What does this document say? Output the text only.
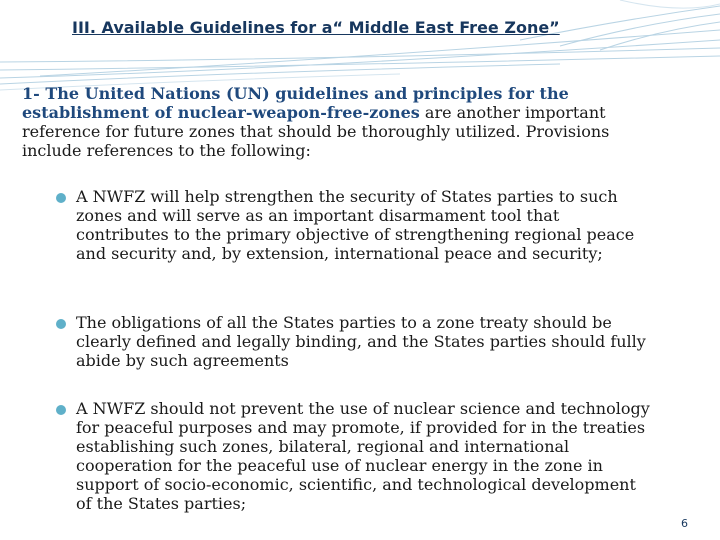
III. Available Guidelines for a“ Middle East Free Zone”
1- The United Nations (UN) guidelines and principles for the establishment of nuclear-weapon-free-zones are another important reference for future zones that should be thoroughly utilized. Provisions include references to the following:
A NWFZ will help strengthen the security of States parties to such zones and will serve as an important disarmament tool that contributes to the primary objective of strengthening regional peace and security and, by extension, international peace and security;
The obligations of all the States parties to a zone treaty should be clearly defined and legally binding, and the States parties should fully abide by such agreements
A NWFZ should not prevent the use of nuclear science and technology for peaceful purposes and may promote, if provided for in the treaties establishing such zones, bilateral, regional and international cooperation for the peaceful use of nuclear energy in the zone in support of socio-economic, scientific, and technological development of the States parties;
6
